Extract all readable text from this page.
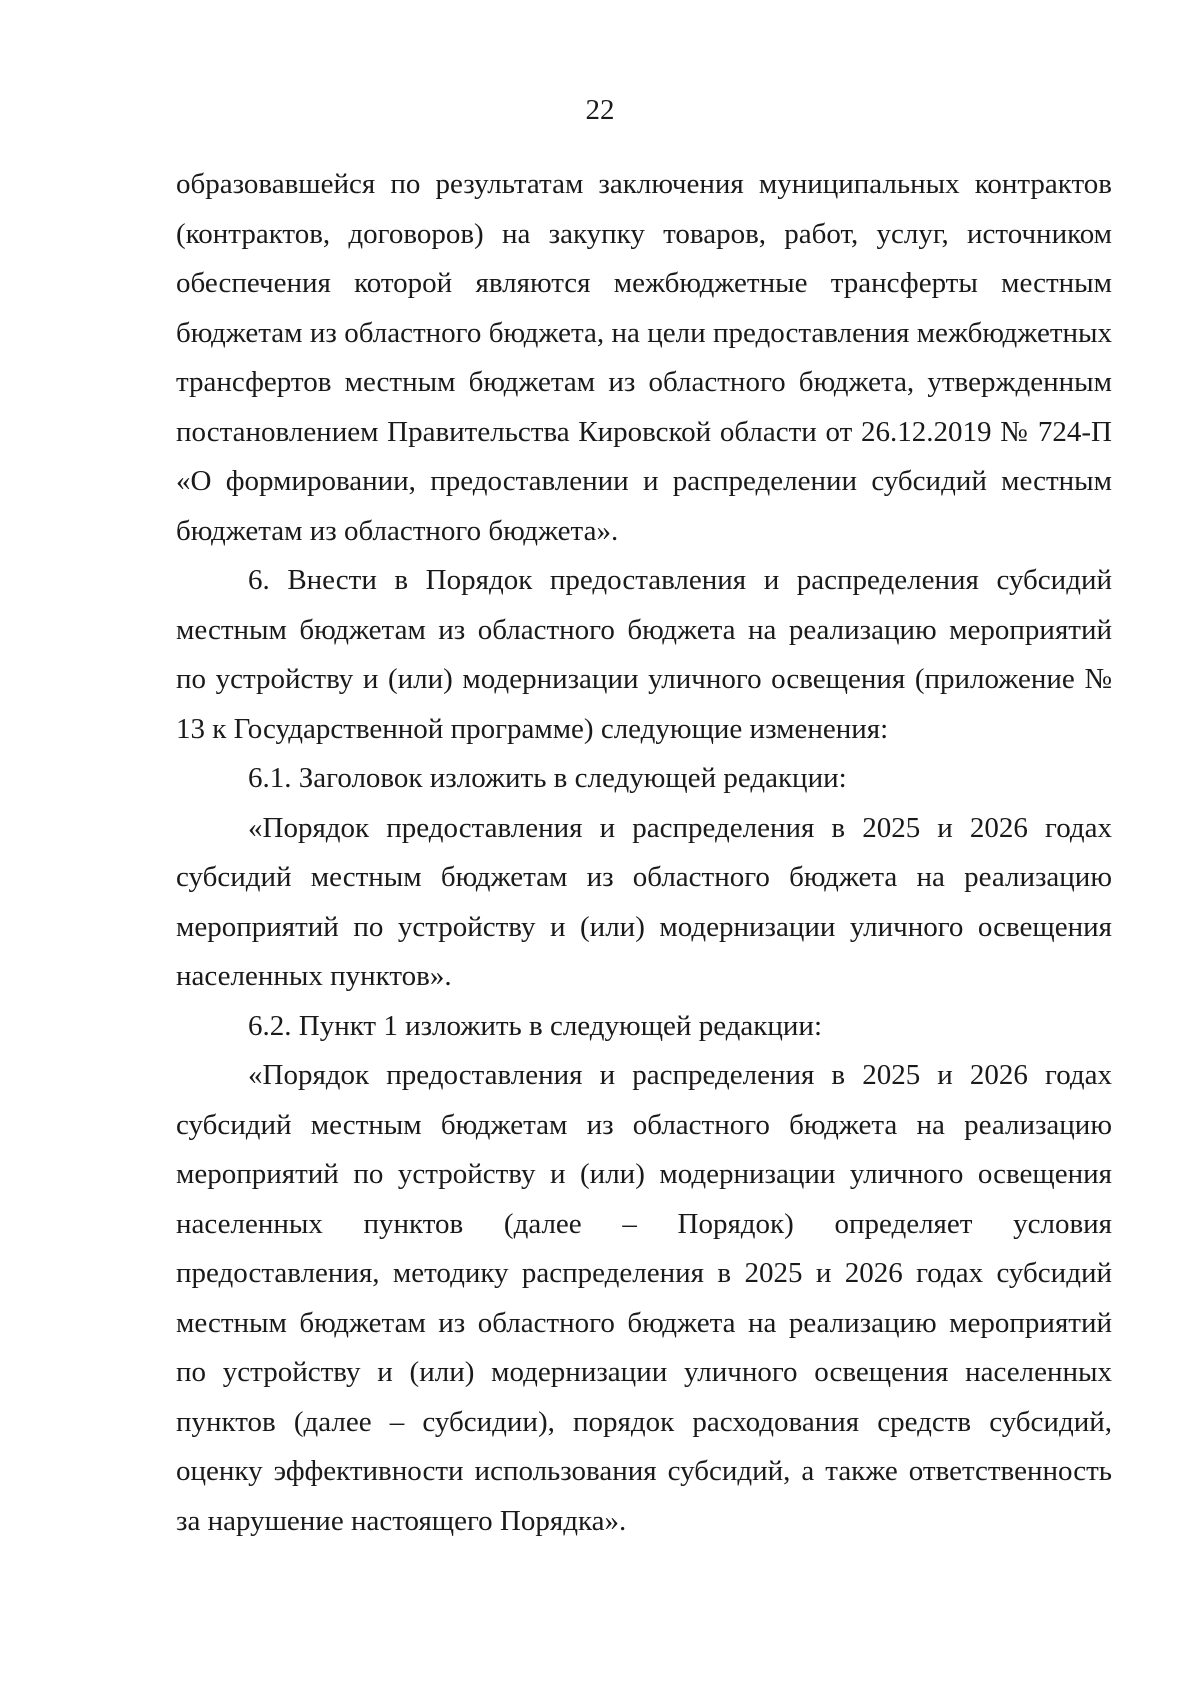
22

образовавшейся по результатам заключения муниципальных контрактов (контрактов, договоров) на закупку товаров, работ, услуг, источником обеспечения которой являются межбюджетные трансферты местным бюджетам из областного бюджета, на цели предоставления межбюджетных трансфертов местным бюджетам из областного бюджета, утвержденным постановлением Правительства Кировской области от 26.12.2019 № 724-П «О формировании, предоставлении и распределении субсидий местным бюджетам из областного бюджета».

6. Внести в Порядок предоставления и распределения субсидий местным бюджетам из областного бюджета на реализацию мероприятий по устройству и (или) модернизации уличного освещения (приложение № 13 к Государственной программе) следующие изменения:

6.1. Заголовок изложить в следующей редакции:

«Порядок предоставления и распределения в 2025 и 2026 годах субсидий местным бюджетам из областного бюджета на реализацию мероприятий по устройству и (или) модернизации уличного освещения населенных пунктов».

6.2. Пункт 1 изложить в следующей редакции:

«Порядок предоставления и распределения в 2025 и 2026 годах субсидий местным бюджетам из областного бюджета на реализацию мероприятий по устройству и (или) модернизации уличного освещения населенных пунктов (далее – Порядок) определяет условия предоставления, методику распределения в 2025 и 2026 годах субсидий местным бюджетам из областного бюджета на реализацию мероприятий по устройству и (или) модернизации уличного освещения населенных пунктов (далее – субсидии), порядок расходования средств субсидий, оценку эффективности использования субсидий, а также ответственность за нарушение настоящего Порядка».
